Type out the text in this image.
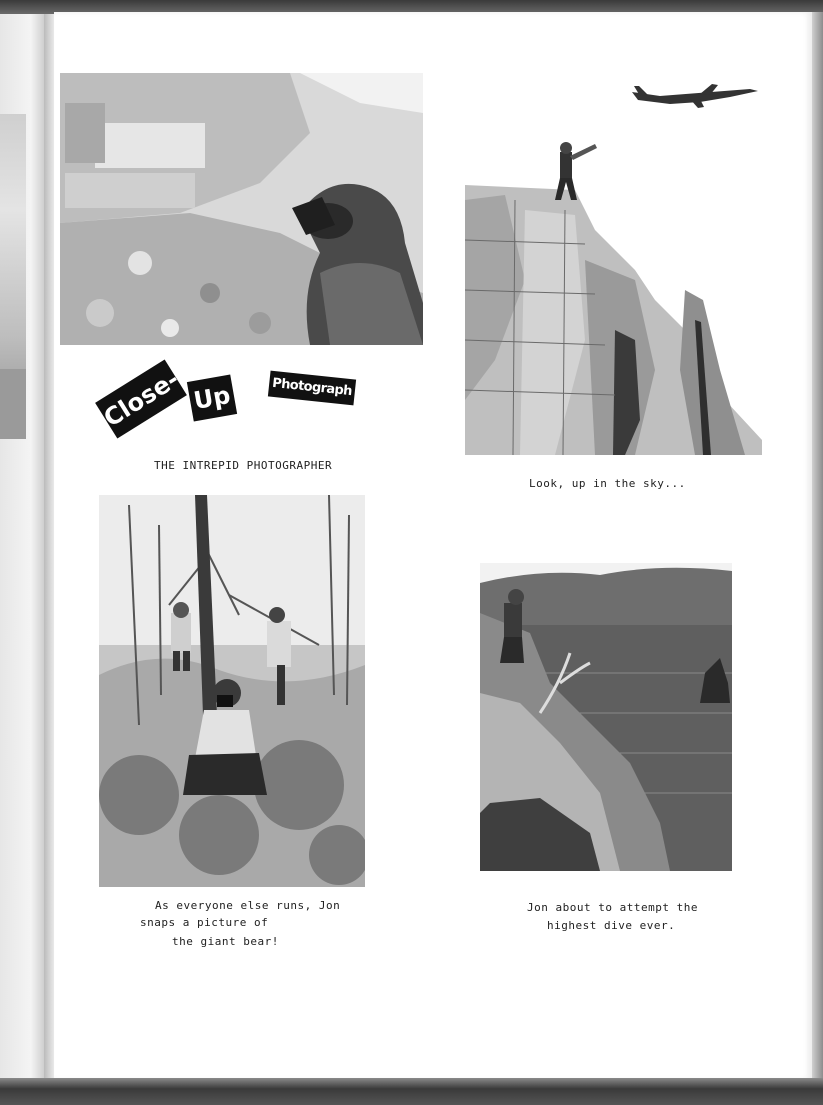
Close- Up	Photograph
THE INTREPID PHOTOGRAPHER
Look, up in the sky...
As everyone else runs, Jon
snaps a picture of
the giant bear!
Jon about to attempt the
highest dive ever.
